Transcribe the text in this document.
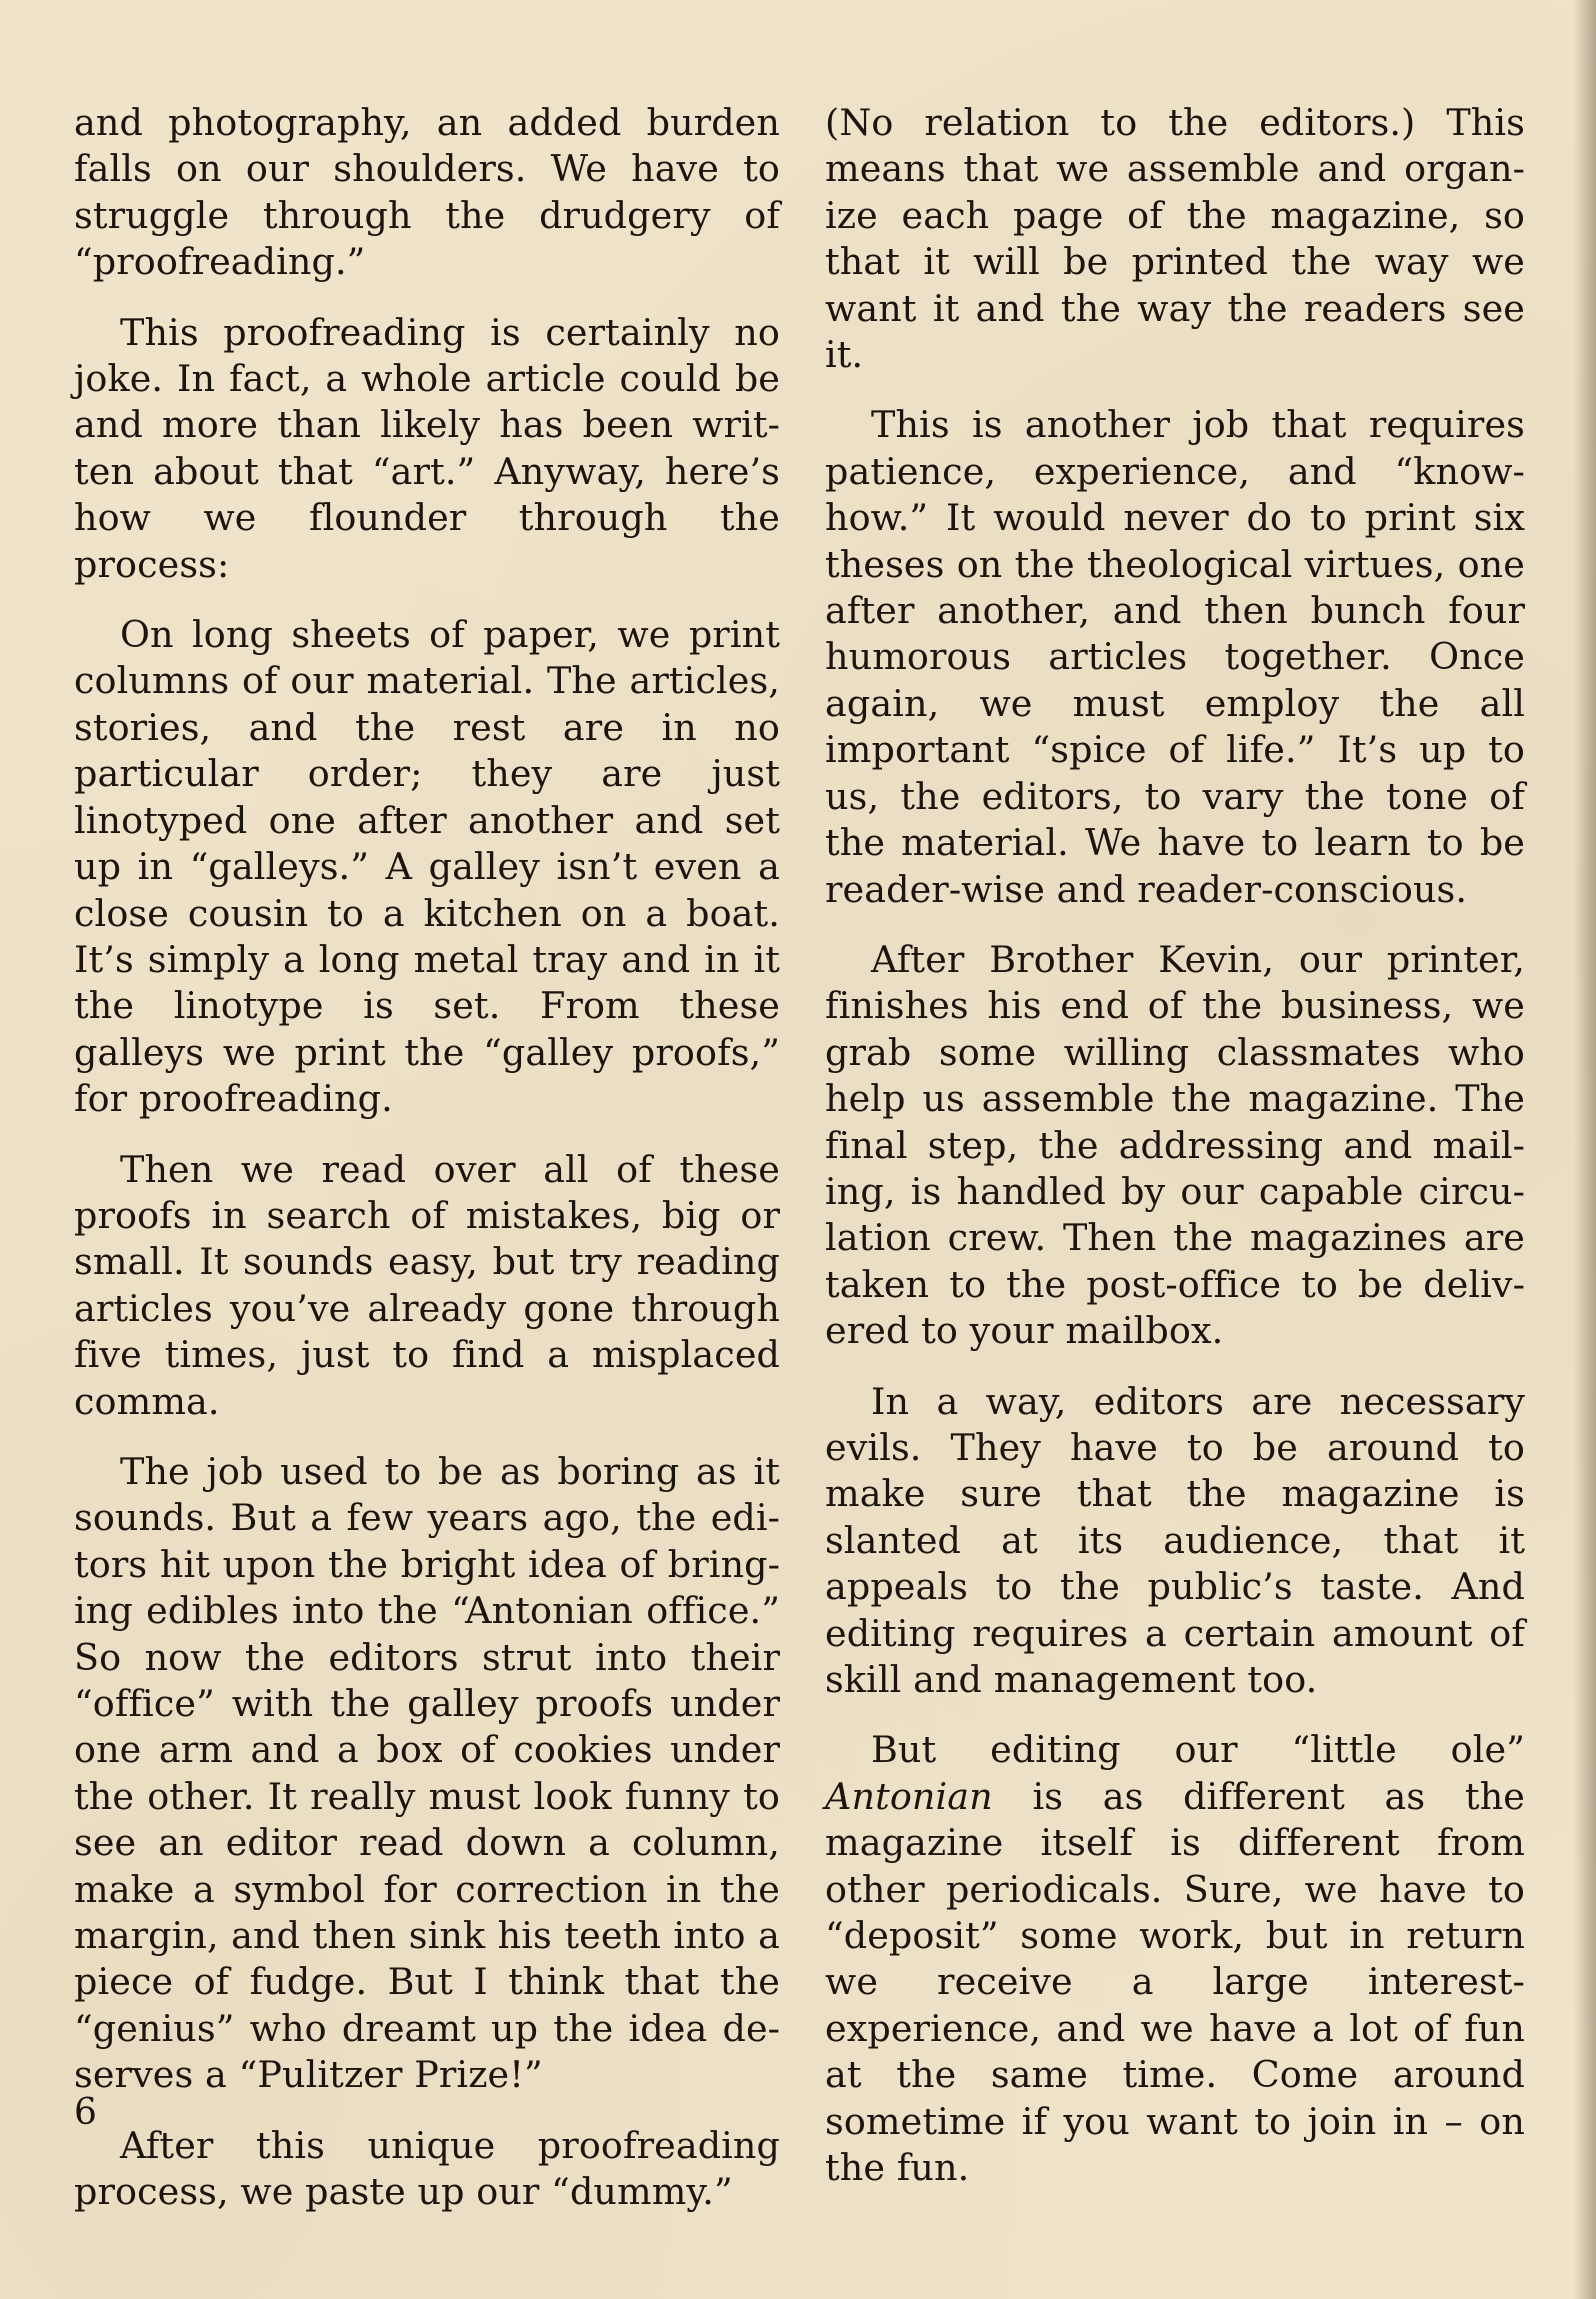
and photography, an added burden falls on our shoulders. We have to struggle through the drudgery of “proofreading.”

This proofreading is certainly no joke. In fact, a whole article could be and more than likely has been written about that “art.” Anyway, here’s how we flounder through the process:

On long sheets of paper, we print columns of our material. The articles, stories, and the rest are in no particular order; they are just linotyped one after another and set up in “galleys.” A galley isn’t even a close cousin to a kitchen on a boat. It’s simply a long metal tray and in it the linotype is set. From these galleys we print the “galley proofs,” for proofreading.

Then we read over all of these proofs in search of mistakes, big or small. It sounds easy, but try reading articles you’ve already gone through five times, just to find a misplaced comma.

The job used to be as boring as it sounds. But a few years ago, the editors hit upon the bright idea of bringing edibles into the “Antonian office.” So now the editors strut into their “office” with the galley proofs under one arm and a box of cookies under the other. It really must look funny to see an editor read down a column, make a symbol for correction in the margin, and then sink his teeth into a piece of fudge. But I think that the “genius” who dreamt up the idea deserves a “Pulitzer Prize!”

After this unique proofreading process, we paste up our “dummy.”

(No relation to the editors.) This means that we assemble and organize each page of the magazine, so that it will be printed the way we want it and the way the readers see it.

This is another job that requires patience, experience, and “know-how.” It would never do to print six theses on the theological virtues, one after another, and then bunch four humorous articles together. Once again, we must employ the all important “spice of life.” It’s up to us, the editors, to vary the tone of the material. We have to learn to be reader-wise and reader-conscious.

After Brother Kevin, our printer, finishes his end of the business, we grab some willing classmates who help us assemble the magazine. The final step, the addressing and mailing, is handled by our capable circulation crew. Then the magazines are taken to the post-office to be delivered to your mailbox.

In a way, editors are necessary evils. They have to be around to make sure that the magazine is slanted at its audience, that it appeals to the public’s taste. And editing requires a certain amount of skill and management too.

But editing our “little ole” Antonian is as different as the magazine itself is different from other periodicals. Sure, we have to “deposit” some work, but in return we receive a large interest-experience, and we have a lot of fun at the same time. Come around sometime if you want to join in – on the fun.

6
